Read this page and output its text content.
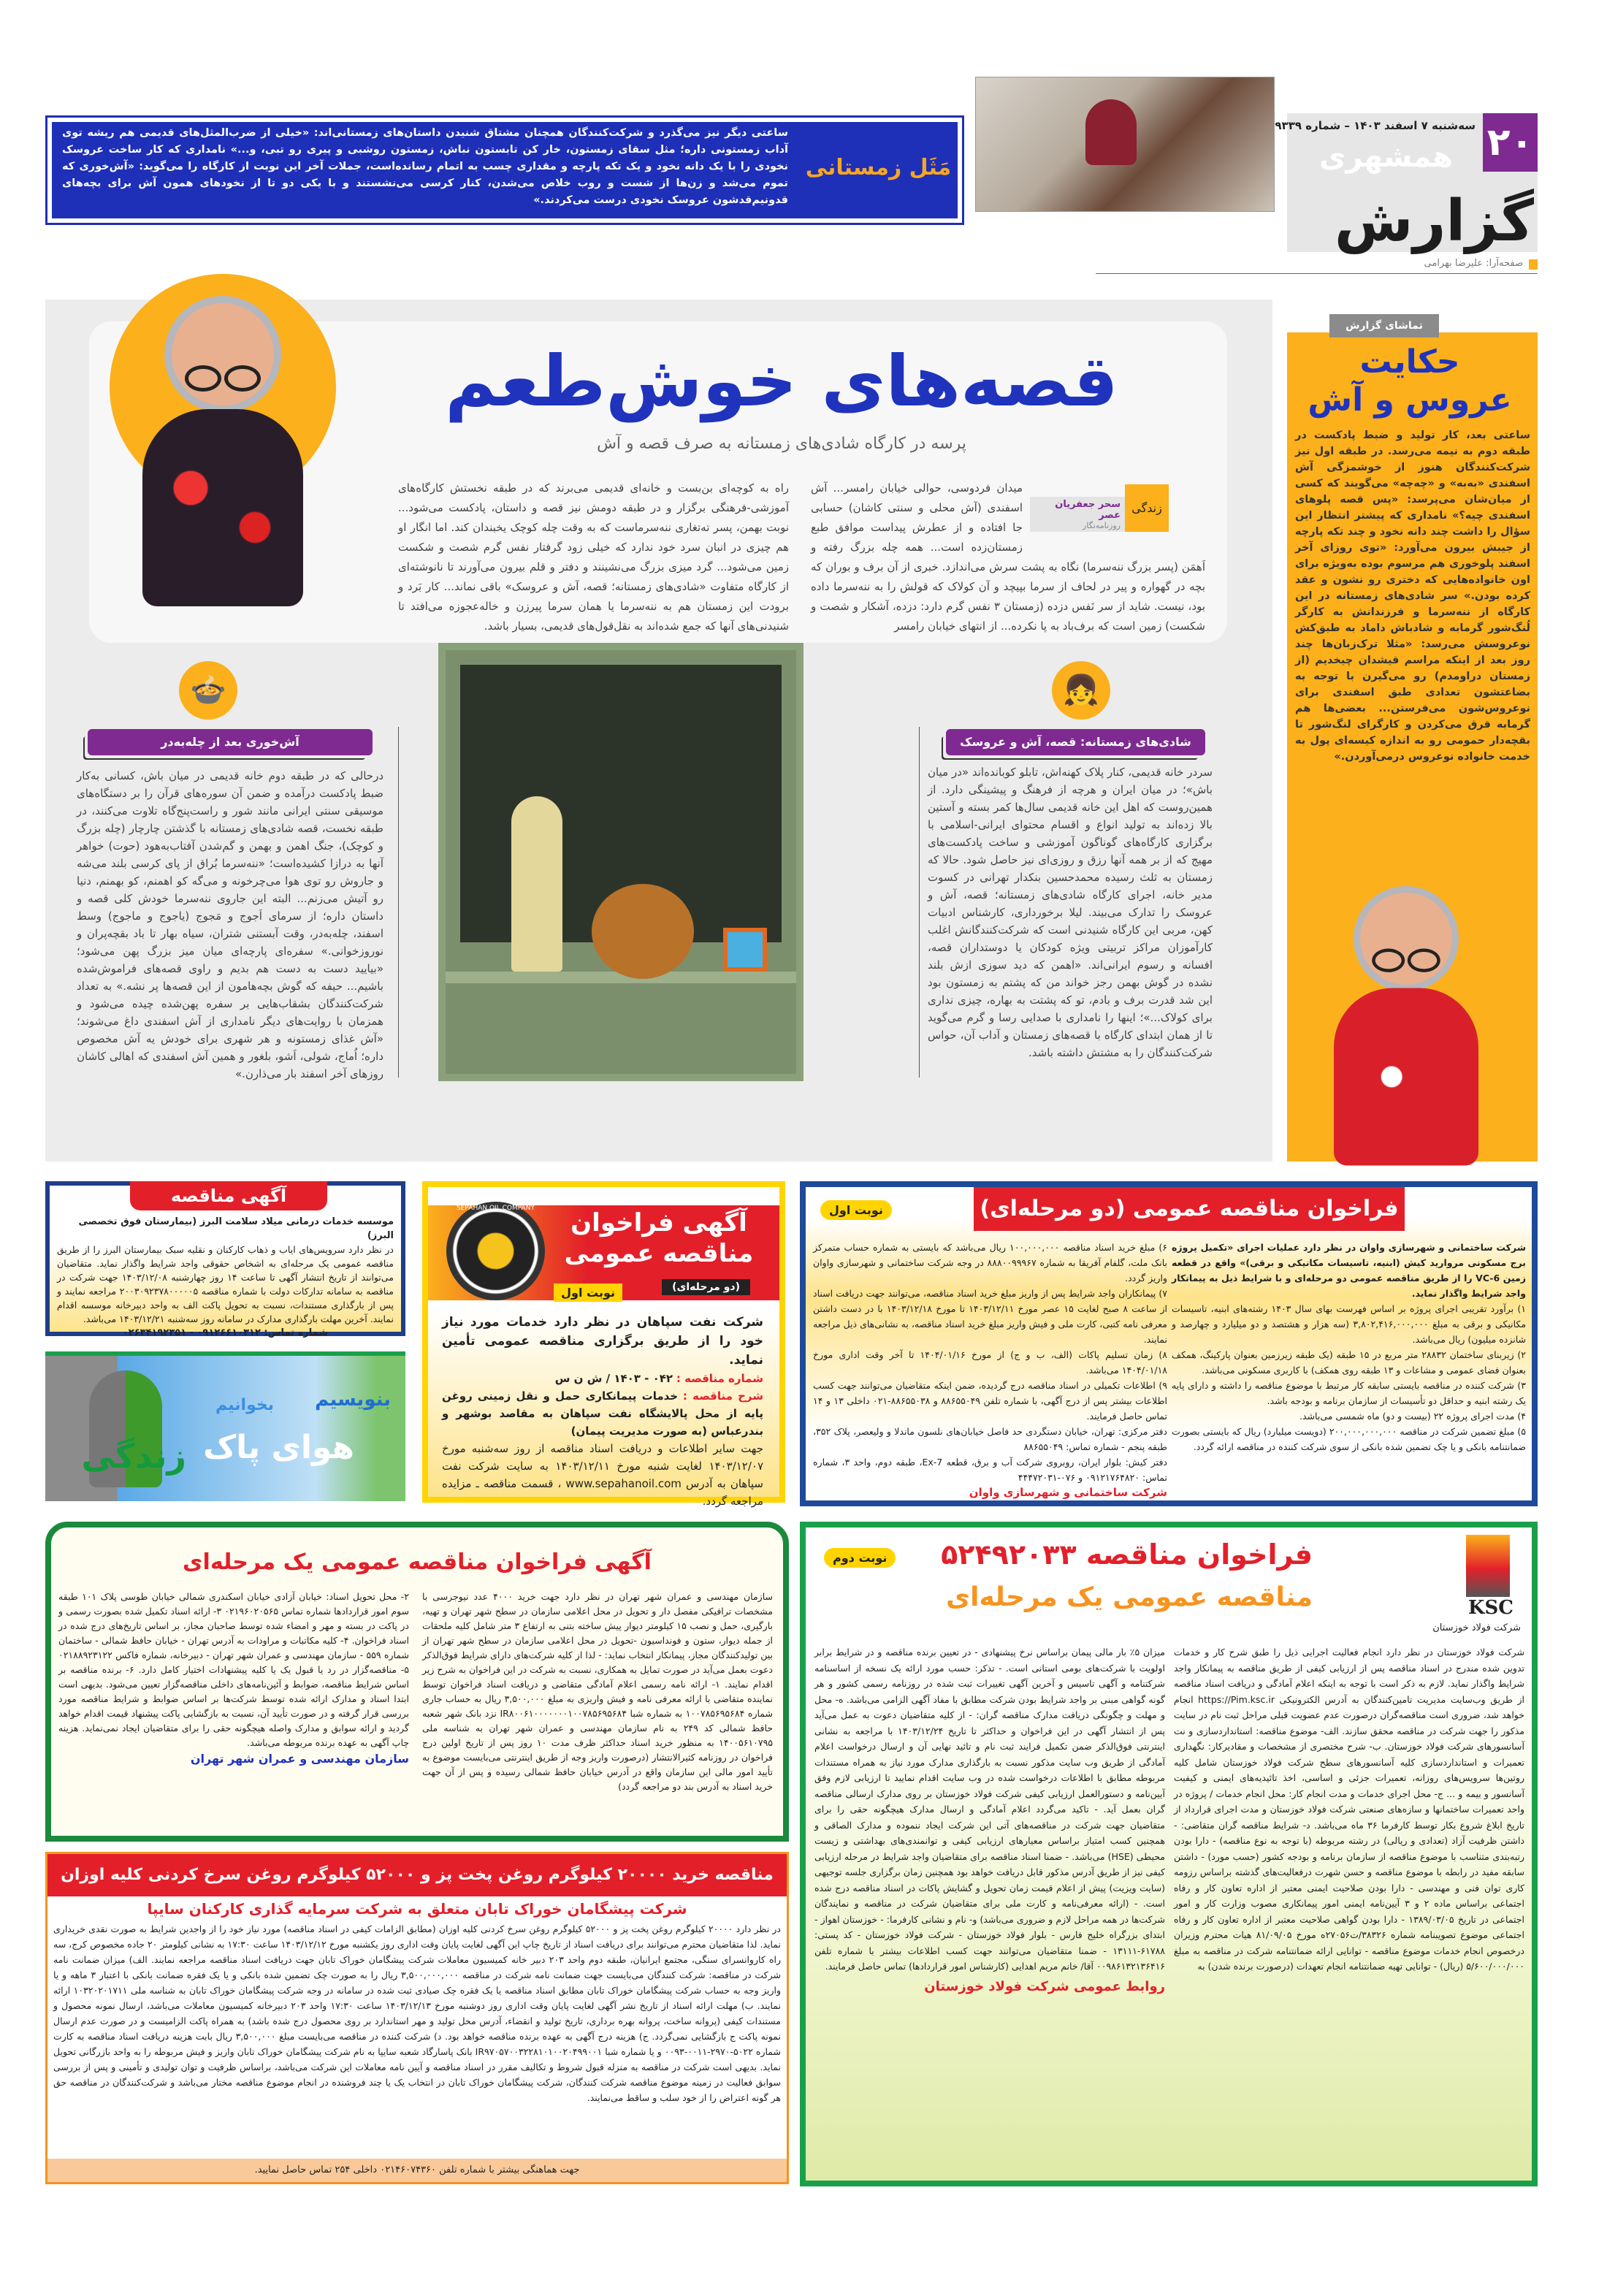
۲۰
سه‌شنبه ۷ اسفند ۱۴۰۳ – شماره ۹۳۳۹
همشهری
گزارش
صفحه‌آرا: علیرضا بهرامی
ساعتی دیگر نیز می‌گذرد و شرکت‌کنندگان همچنان مشتاق شنیدن داستان‌های زمستانی‌اند: «خیلی از ضرب‌المثل‌های قدیمی هم ریشه توی آداب زمستونی داره؛ مثل سقای زمستون، خار کن تابستون نباش، زمستون روشبی و پیری رو تبی، و...» نامداری که کار ساخت عروسک نخودی را با یک دانه نخود و یک تکه پارچه و مقداری چسب به اتمام رسانده‌است، جملات آخر این نوبت از کارگاه را می‌گوید: «آش‌خوری که تموم می‌شد و زن‌ها از شست و روب خلاص می‌شدن، کنار کرسی می‌نشستند و با یکی دو تا از نخودهای همون آش برای بچه‌های قدونیم‌قدشون عروسک نخودی درست می‌کردند.»
مَثَل زمستانی
قصه‌های خوش‌طعم
پرسه در کارگاه شادی‌های زمستانه به صرف قصه و آش
زندگی
سحر جعفریان عصر
روزنامه‌نگار
میدان فردوسی، حوالی خیابان رامسر... آش اسفندی (آش محلی و سنتی کاشان) حسابی جا افتاده و از عطرش پیداست موافق طبع زمستان‌زده است... همه چله بزرگ رفته و اَهمَن (پسر بزرگ ننه‌سرما) نگاه به پشت سرش می‌اندازد. خبری از آن برف و بوران که بچه در گهواره و پیر در لحاف از سرما بپیچد و آن کولاک که قولش را به ننه‌سرما داده بود، نیست. شاید از سر نَفس دزده (زمستان ۳ نفس گرم دارد: دزده، آشکار و شصت و شکست) زمین است که برف‌باد به پا نکرده... از انتهای خیابان رامسر

راه به کوچه‌ای بن‌بست و خانه‌ای قدیمی می‌برند که در طبقه نخستش کارگاه‌های آموزشی-فرهنگی برگزار و در طبقه دومش نیز قصه و داستان، پادکست می‌شود... نوبت بهمن، پسر ته‌تغاری ننه‌سرماست که به وقت چله کوچک یخبندان کند. اما انگار او هم چیزی در انبان سرد خود ندارد که خیلی زود گرفتار نفس گرم شصت و شکست زمین می‌شود... گرد میزی بزرگ می‌نشینند و دفتر و قلم بیرون می‌آورند تا نانوشته‌ای از کارگاه متفاوت «شادی‌های زمستانه؛ قصه، آش و عروسک» باقی نماند... کار بَرد و برودت این زمستان هم به ننه‌سرما یا همان سرما پیرزن و خاله‌عجوزه می‌افتد تا شنیدنی‌های آنها که جمع شده‌اند به نقل‌قول‌های قدیمی، بسیار باشد.

🍲	👧
آش‌خوری بعد از چله‌به‌در

درحالی که در طبقه دوم خانه قدیمی در میان باش، کسانی به‌کار ضبط پادکست درآمده و ضمن آن سوره‌های قرآن را بر دستگاه‌های موسیقی سنتی ایرانی مانند شور و راست‌پنج‌گاه تلاوت می‌کنند، در طبقه نخست، قصه شادی‌های زمستانه با گذشتن چارچار (چله بزرگ و کوچک)، جنگ اهمن و بهمن و گم‌شدن آفتاب‌به‌هود (حوت) خواهر آنها به درازا کشیده‌است؛ «ننه‌سرما بُراق از پای کرسی بلند می‌شه و جاروش رو توی هوا می‌چرخونه و می‌گه کو اهمنم، کو بهمنم، دنیا رو آتیش می‌زنم... البته این جاروی ننه‌سرما خودش کلی قصه و داستان داره؛ از سرمای اَجوج و مَجوج (یاجوج و ماجوج) وسط اسفند، چله‌به‌در، وقت آبستنی شتران، سیاه بهار تا باد بقچه‌پران و نوروزخوانی.» سفره‌ای پارچه‌ای میان میز بزرگ پهن می‌شود؛ «بیایید دست به دست هم بدیم و راوی قصه‌های فراموش‌شده باشیم... حیفه که گوش بچه‌هامون از این قصه‌ها پر نشه.» به تعداد شرکت‌کنندگان بشقاب‌هایی بر سفره پهن‌شده چیده می‌شود و همزمان با روایت‌های دیگر نامداری از آش اسفندی داغ می‌شوند؛ «آش غذای زمستونه و هر شهری برای خودش یه آش مخصوص داره؛ اُماج، شولی، اَشو، بلغور و همین آش اسفندی که اهالی کاشان روزهای آخر اسفند بار می‌ذارن.»

شادی‌های زمستانه: قصه، آش و عروسک

سردر خانه قدیمی، کنار پلاک کهنه‌اش، تابلو کوبانده‌اند «در میان باش»؛ در میان ایران و هرچه از فرهنگ و پیشینگی دارد. از همین‌روست که اهل این خانه قدیمی سال‌ها کمر بسته و آستین بالا زده‌اند به تولید انواع و اقسام محتوای ایرانی-اسلامی با برگزاری کارگاه‌های گوناگون آموزشی و ساخت پادکست‌های مهیج که از بر همه آنها رزق و روزی‌ای نیز حاصل شود. حالا که زمستان به ثلث رسیده محمدحسین بنکدار تهرانی در کسوت مدیر خانه، اجرای کارگاه شادی‌های زمستانه؛ قصه، آش و عروسک را تدارک می‌بیند. لیلا برخورداری، کارشناس ادبیات کهن، مربی این کارگاه شنیدنی است که شرکت‌کنندگانش اغلب کارآموزان مراکز تربیتی ویژه کودکان یا دوستداران قصه، افسانه و رسوم ایرانی‌اند. «اهمن که دید سوزی ازش بلند نشده در گوش بهمن رجز خواند من که پشتم به زمستون بود این شد قدرت برف و بادم، تو که پشتت به بهاره، چیزی نداری برای کولاک...»؛ اینها را نامداری با صدایی رسا و گرم می‌گوید تا از همان ابتدای کارگاه با قصه‌های زمستان و آداب آن، حواس شرکت‌کنندگان را به مشتش داشته باشد.

تماشای گزارش
حکایت
عروس و آش

ساعتی بعد، کار تولید و ضبط پادکست در طبقه دوم به نیمه می‌رسد. در طبقه اول نیز شرکت‌کنندگان هنوز از خوشمزگی آش اسفندی «به‌به» و «چه‌چه» می‌گویند که کسی از میان‌شان می‌پرسد: «پس قصه پلوهای اسفندی چیه؟» نامداری که پیشتر انتظار این سؤال را داشت چند دانه نخود و چند تکه پارچه از جیبش بیرون می‌آورد: «توی روزای آخر اسفند پلوخوری هم مرسوم بوده به‌ویژه برای اون خانواده‌هایی که دختری رو نشون و عقد کرده بودن.» سر شادی‌های زمستانه در این کارگاه از ننه‌سرما و فرزندانش به کارگر لُنگ‌شور گرمابه و شادباش داماد به طبق‌کش نوعروسش می‌رسد: «مثلا ترک‌زبان‌ها چند روز بعد از اینکه مراسم قیشدان چیخدیم (از زمستان دراومدم) رو می‌گیرن با توجه به بضاعتشون تعدادی طبق اسفندی برای نوعروس‌شون می‌فرستن... بعضی‌ها هم گرمابه قرق می‌کردن و کارگرای لنگ‌شور تا بقچه‌دار حمومی رو به اندازه کیسه‌ای پول به خدمت خانواده نوعروس درمی‌آوردن.»

آگهی مناقصه
موسسه خدمات درمانی میلاد سلامت البرز (بیمارستان فوق تخصصی البرز)
در نظر دارد سرویس‌های ایاب و ذهاب کارکنان و نقلیه سبک بیمارستان البرز را از طریق مناقصه عمومی یک مرحله‌ای به اشخاص حقوقی واجد شرایط واگذار نماید. متقاضیان می‌توانند از تاریخ انتشار آگهی تا ساعت ۱۴ روز چهارشنبه ۱۴۰۳/۱۲/۰۸ جهت شرکت در مناقصه به سامانه تدارکات دولت با شماره مناقصه ۲۰۰۳۰۹۲۳۷۸۰۰۰۰۰۵ مراجعه نمایند و پس از بارگذاری مستندات، نسبت به تحویل پاکت الف به واحد دبیرخانه موسسه اقدام نمایند. آخرین مهلت بارگذاری مدارک در سامانه روز سه‌شنبه ۱۴۰۳/۱۲/۲۱ می‌باشد.
شماره تماس: ۰۹۱۲۶۶۱۰۳۱۲ - ۰۲۶۳۴۱۹۲۳۵۱
بنویسیم
بخوانیم
هوای پاک
زندگی
SEPAHAN OIL COMPANY	آگهی فراخوان مناقصه عمومی
(دو مرحله‌ای)
نوبت اول
شرکت نفت سپاهان در نظر دارد خدمات مورد نیاز خود را از طریق برگزاری مناقصه عمومی تأمین نماید.
شماره مناقصه : ۰۴۲ - ۱۴۰۳ / ش ن س
شرح مناقصه : خدمات پیمانکاری حمل و نقل زمینی روغن پایه از محل پالایشگاه نفت سپاهان به مقاصد بوشهر و بندرعباس (به صورت مدیریت پیمان)
جهت سایر اطلاعات و دریافت اسناد مناقصه از روز سه‌شنبه مورخ ۱۴۰۳/۱۲/۰۷ لغایت شنبه مورخ ۱۴۰۳/۱۲/۱۱ به سایت شرکت نفت سپاهان به آدرس www.sepahanoil.com ، قسمت مناقصه ـ مزایده مراجعه گردد.
فراخوان مناقصه عمومی (دو مرحله‌ای)
نوبت اول

شرکت ساختمانی و شهرسازی واوان در نظر دارد عملیات اجرای «تکمیل پروژه برج مسکونی مروارید کیش (ابنیه، تاسیسات مکانیکی و برقی)» واقع در قطعه زمین VC-6 را از طریق مناقصه عمومی دو مرحله‌ای و با شرایط ذیل به پیمانکار واجد شرایط واگذار نماید.

۱) برآورد تقریبی اجرای پروژه بر اساس فهرست بهای سال ۱۴۰۳ رشته‌های ابنیه، تاسیسات مکانیکی و برقی به مبلغ ۳,۸۰۲,۴۱۶,۰۰۰,۰۰۰ (سه هزار و هشتصد و دو میلیارد و چهارصد و شانزده میلیون) ریال می‌باشد.

۲) زیربنای ساختمان ۲۸۸۳۲ متر مربع در ۱۵ طبقه (یک طبقه زیرزمین بعنوان پارکینگ، همکف بعنوان فضای عمومی و مشاعات و ۱۳ طبقه روی همکف) با کاربری مسکونی می‌باشد.

۳) شرکت کننده در مناقصه بایستی سابقه کار مرتبط با موضوع مناقصه را داشته و دارای پایه یک رشته ابنیه و حداقل دو تأسیسات از سازمان برنامه و بودجه باشد.

۴) مدت اجرای پروژه ۲۲ (بیست و دو) ماه شمسی می‌باشد.

۵) مبلغ تضمین شرکت در مناقصه ۲۰۰,۰۰۰,۰۰۰,۰۰۰ (دویست میلیارد) ریال که بایستی بصورت ضمانتنامه بانکی و یا چک تضمین شده بانکی از سوی شرکت کننده در مناقصه ارائه گردد.

۶) مبلغ خرید اسناد مناقصه ۱۰۰,۰۰۰,۰۰۰ ریال می‌باشد که بایستی به شماره حساب متمرکز بانک ملت، گلفام آفریقا به شماره ۸۸۸۰۰۹۹۹۶۷ در وجه شرکت ساختمانی و شهرسازی واوان واریز گردد.

۷) پیمانکاران واجد شرایط پس از واریز مبلغ خرید اسناد مناقصه، می‌توانند جهت دریافت اسناد از ساعت ۸ صبح لغایت ۱۵ عصر مورخ ۱۴۰۳/۱۲/۱۱ تا مورخ ۱۴۰۳/۱۲/۱۸ با در دست داشتن معرفی نامه کتبی، کارت ملی و فیش واریز مبلغ خرید اسناد مناقصه، به نشانی‌های ذیل مراجعه نمایند.

۸) زمان تسلیم پاکات (الف، ب و ج) از مورخ ۱۴۰۴/۰۱/۱۶ تا آخر وقت اداری مورخ ۱۴۰۴/۰۱/۱۸ می‌باشد.

۹) اطلاعات تکمیلی در اسناد مناقصه درج گردیده، ضمن اینکه متقاضیان می‌توانند جهت کسب اطلاعات بیشتر پس از درج آگهی، با شماره تلفن ۸۸۶۵۵۰۴۹ و ۸۸۶۵۵۰۳۸-۰۲۱ داخلی ۱۳ و ۱۴ تماس حاصل فرمایند.

دفتر مرکزی: تهران، خیابان دستگردی حد فاصل خیابان‌های نلسون ماندلا و ولیعصر، پلاک ۳۵۲، طبقه پنجم - شماره تماس: ۸۸۶۵۵۰۴۹

دفتر کیش: بلوار ایران، روبروی شرکت آب و برق، قطعه Ex-7، طبقه دوم، واحد ۳، شماره تماس: ۰۹۱۲۱۷۶۴۸۲۰ و ۰۷۶-۴۴۴۷۲۰۳۱

شرکت ساختمانی و شهرسازی واوان

آگهی فراخوان مناقصه عمومی یک مرحله‌ای

سازمان مهندسی و عمران شهر تهران در نظر دارد جهت خرید ۴۰۰۰ عدد نیوجرسی با مشخصات ترافیکی مفصل دار و تحویل در محل اعلامی سازمان در سطح شهر تهران و تهیه، بارگیری، حمل و نصب ۱۵ کیلومتر دیوار پیش ساخته بتنی به ارتفاع ۳ متر شامل کلیه ملحقات از جمله دیوار، ستون و فونداسیون -تحویل در محل اعلامی سازمان در سطح شهر تهران از بین تولیدکنندگان مجاز، پیمانکار انتخاب نماید: - لذا از کلیه شرکت‌های دارای شرایط فوق‌الذکر دعوت بعمل می‌آید در صورت تمایل به همکاری، نسبت به شرکت در این فراخوان به شرح زیر اقدام نمایند. ۱- ارائه نامه رسمی اعلام آمادگی متقاضی و دریافت اسناد فراخوان توسط نماینده متقاضی با ارائه معرفی نامه و فیش واریزی به مبلغ ۳,۵۰۰,۰۰۰ ریال به حساب جاری شماره ۱۰۰۷۸۵۶۹۵۶۸۴ به شماره شبا IR۸۰۰۶۱۰۰۰۰۰۰۰۱۰۰۷۸۵۶۹۵۶۸۴ نزد بانک شهر شعبه حافظ شمالی کد ۲۴۹ به نام سازمان مهندسی و عمران شهر تهران به شناسه ملی ۱۴۰۰۵۶۱۰۷۹۵ به منظور خرید اسناد حداکثر ظرف مدت ۱۰ روز پس از تاریخ اولین درج فراخوان در روزنامه کثیرالانتشار (درصورت واریز وجه از طریق اینترنتی می‌بایست موضوع به تأیید امور مالی این سازمان واقع در آدرس خیابان حافظ شمالی رسیده و پس از آن جهت خرید اسناد به آدرس بند دو مراجعه گردد)

۲- محل تحویل اسناد: خیابان آزادی خیابان اسکندری شمالی خیابان طوسی پلاک ۱۰۱ طبقه سوم امور قراردادها شماره تماس ۰۲۱۹۶۰۲۰۵۶۵ ۳- ارائه اسناد تکمیل شده بصورت رسمی و در پاکت در بسته و مهر و امضاء شده توسط صاحبان مجاز، بر اساس تاریخ‌های درج شده در اسناد فراخوان. ۴- کلیه مکاتبات و مراودات به آدرس تهران - خیابان حافظ شمالی - ساختمان شماره ۵۵۹ - سازمان مهندسی و عمران شهر تهران - دبیرخانه، شماره فاکس ۰۲۱۸۸۹۲۳۱۲۲ ۵- مناقصه‌گزار در رد یا قبول یک یا کلیه پیشنهادات اختیار کامل دارد. ۶- برنده مناقصه بر اساس شرایط مناقصه، ضوابط و آئین‌نامه‌های داخلی مناقصه‌گزار تعیین می‌شود. بدیهی است ابتدا اسناد و مدارک ارائه شده توسط شرکت‌ها بر اساس ضوابط و شرایط مناقصه مورد بررسی قرار گرفته و در صورت تأیید آن، نسبت به بازگشایی پاکت پیشنهاد قیمت اقدام خواهد گردید و ارائه سوابق و مدارک واصله هیچگونه حقی را برای متقاضیان ایجاد نمی‌نماید. هزینه چاپ آگهی به عهده برنده مربوطه می‌باشد.

سازمان مهندسی و عمران شهر تهران

KSC
شرکت فولاد خوزستان
فراخوان مناقصه ۵۲۴۹۲۰۳۳
مناقصه عمومی یک مرحله‌ای
نوبت دوم

شرکت فولاد خوزستان در نظر دارد انجام فعالیت اجرایی ذیل را طبق شرح کار و خدمات تدوین شده مندرج در اسناد مناقصه پس از ارزیابی کیفی از طریق مناقصه به پیمانکار واجد شرایط واگذار نماید. لازم به ذکر است با توجه به اینکه اعلام آمادگی و دریافت اسناد مناقصه از طریق وب‌سایت مدیریت تامین‌کنندگان به آدرس الکترونیکی https://Pim.ksc.ir انجام خواهد شد، ضروری است مناقصه‌گران درصورت عدم عضویت قبلی مراحل ثبت نام در سایت مذکور را جهت شرکت در مناقصه محقق سازند. الف- موضوع مناقصه: استانداردسازی و نت آسانسورهای شرکت فولاد خوزستان. ب- شرح مختصری از مشخصات و مقادیرکار: نگهداری تعمیرات و استانداردسازی کلیه آسانسورهای سطح شرکت فولاد خوزستان شامل کلیه روتین‌ها سرویس‌های روزانه، تعمیرات جزئی و اساسی، اخذ تائیدیه‌های ایمنی و کیفیت آسانسور و بیمه و ... ج- محل اجرای خدمات و مدت انجام کار: محل انجام خدمات / پروژه در واحد تعمیرات ساختمانها و سازه‌های صنعتی شرکت فولاد خوزستان و مدت اجرای قرارداد از تاریخ ابلاغ شروع بکار توسط کارفرما ۳۶ ماه می‌باشد. د- شرایط مناقصه گران متقاضی: - داشتن ظرفیت آزاد (تعدادی و ریالی) در رشته مربوطه (با توجه به نوع مناقصه) - دارا بودن رتبه‌بندی متناسب با موضوع مناقصه از سازمان برنامه و بودجه کشور (حسب مورد) - داشتن سابقه مفید در رابطه با موضوع مناقصه و حسن شهرت درفعالیت‌های گذشته براساس رزومه کاری توان فنی و مهندسی - دارا بودن صلاحیت ایمنی معتبر از اداره تعاون کار و رفاه اجتماعی براساس ماده ۲ و ۳ آیین‌نامه ایمنی امور پیمانکاری مصوب وزارت کار و امور اجتماعی در تاریخ ۱۳۸۹/۰۳/۰۵ - دارا بودن گواهی صلاحیت معتبر از اداره تعاون کار و رفاه اجتماعی موضوع تصویبنامه شماره ۳۸۳۲۶/ت۲۷۰۵۶ه مورخ ۸۱/۰۹/۰۵ هیات محترم وزیران درخصوص انجام خدمات موضوع مناقصه - توانایی ارائه ضمانتنامه شرکت در مناقصه به مبلغ ۵/۶۰۰/۰۰۰/۰۰۰ (ریال) - توانایی تهیه ضمانتنامه انجام تعهدات (درصورت برنده شدن) به

میزان ۵٪ بار مالی پیمان براساس نرخ پیشنهادی - در تعیین برنده مناقصه و در شرایط برابر اولویت با شرکت‌های بومی استانی است. - تذکر: حسب مورد ارائه یک نسخه از اساسنامه شرکتنامه و آگهی تاسیس و آخرین آگهی تغییرات ثبت شده در روزنامه رسمی کشور و هر گونه گواهی مبنی بر واجد شرایط بودن شرکت مطابق با مفاد آگهی الزامی می‌باشد. ه- محل و مهلت و چگونگی دریافت مدارک مناقصه گران: - از کلیه متقاضیان دعوت به عمل می‌آید پس از انتشار آگهی در این فراخوان و حداکثر تا تاریخ ۱۴۰۳/۱۲/۲۴ با مراجعه به نشانی اینترنتی فوق‌الذکر ضمن تکمیل فرایند ثبت نام و تائید نهایی آن و ارسال درخواست اعلام آمادگی از طریق وب سایت مذکور نسبت به بارگذاری مدارک مورد نیاز به همراه مستندات مربوطه مطابق با اطلاعات درخواست شده در وب سایت اقدام نمایید تا ارزیابی لازم وفق آیین‌نامه و دستورالعمل ارزیابی کیفی شرکت فولاد خوزستان بر روی مدارک ارسالی مناقصه گران بعمل آید. - تاکید می‌گردد اعلام آمادگی و ارسال مدارک هیچگونه حقی را برای متقاضیان جهت شرکت در مناقصه‌های آتی این شرکت ایجاد ننموده و مدارک الصاقی و همچنین کسب امتیاز براساس معیارهای ارزیابی کیفی و توانمندی‌های بهداشتی و زیست محیطی (HSE) می‌باشد. - ضمنا اسناد مناقصه برای متقاضیان واجد شرایط در مرحله ارزیابی کیفی نیز از طریق آدرس مذکور قابل دریافت خواهد بود همچنین زمان برگزاری جلسه توجیهی (سایت ویزیت) پیش از اعلام قیمت زمان تحویل و گشایش پاکات در اسناد مناقصه درج شده است. - (ارائه معرفی‌نامه و کارت ملی برای متقاضیان شرکت در مناقصه و نمایندگان شرکت‌ها در همه مراحل لازم و ضروری می‌باشد) و- نام و نشانی کارفرما: - خوزستان اهواز - ابتدای بزرگراه خلیج فارس - بلوار فولاد خوزستان - شرکت فولاد خوزستان - کد پستی: ۶۱۷۸۸-۱۳۱۱۱ - ضمنا متقاضیان می‌توانند جهت کسب اطلاعات بیشتر با شماره تلفن ۰۰۹۸۶۱۳۲۱۳۶۴۱۶ آقا/ خانم مریم اهدایی (کارشناس امور قراردادها) تماس حاصل فرمایند.

روابط عمومی شرکت فولاد خوزستان

مناقصه خرید ۲۰۰۰۰ کیلوگرم روغن پخت پز و ۵۲۰۰۰ کیلوگرم روغن سرخ کردنی کلیه اوزان
شرکت پیشگامان خوراک تابان متعلق به شرکت سرمایه گذاری کارکنان سایپا

در نظر دارد ۲۰۰۰۰ کیلوگرم روغن پخت پز و ۵۲۰۰۰ کیلوگرم روغن سرخ کردنی کلیه اوزان (مطابق الزامات کیفی در اسناد مناقصه) مورد نیاز خود را از واجدین شرایط به صورت نقدی خریداری نماید. لذا متقاضیان محترم می‌توانند برای دریافت اسناد از تاریخ چاپ این آگهی لغایت پایان وقت اداری روز یکشنبه مورخ ۱۴۰۳/۱۲/۱۲ ساعت ۱۷:۳۰ به نشانی کیلومتر ۲۰ جاده مخصوص کرج، سه راه کاروانسرای سنگی، مجتمع ایرانیان، طبقه دوم واحد ۲۰۳ دبیر خانه کمیسیون معاملات شرکت پیشگامان خوراک تابان جهت دریافت اسناد مناقصه مراجعه نمایند. الف) میزان ضمانت نامه شرکت در مناقصه: شرکت کنندگان می‌بایست جهت ضمانت نامه شرکت در مناقصه ۳,۵۰۰,۰۰۰,۰۰۰ ریال را به صورت چک تضمین شده بانکی و یا یک فقره ضمانت بانکی با اعتبار ۳ ماهه و یا واریز وجه به حساب شرکت پیشگامان خوراک تابان مطابق اسناد مناقصه یا یک فقره چک صیادی ثبت شده در سامانه در وجه شرکت پیشگامان خوراک تابان به شناسه ملی ۱۰۳۲۰۲۰۱۷۱۱ ارائه نمایند. ب) مهلت ارائه اسناد از تاریخ نشر آگهی لغایت پایان وقت اداری روز دوشنبه مورخ ۱۴۰۳/۱۲/۱۳ ساعت ۱۷:۳۰ واحد ۲۰۳ دبیرخانه کمیسیون معاملات می‌باشد، ارسال نمونه محصول و مستندات کیفی (پروانه ساخت، پروانه بهره برداری، تاریخ تولید و انقضاء، آدرس محل تولید و مهر استاندارد بر روی محصول درج شده باشد) به همراه پاکت الزامیست و در صورت عدم ارسال نمونه پاکت ج بازگشایی نمی‌گردد. ج) هزینه درج آگهی به عهده برنده مناقصه خواهد بود. د) شرکت کننده در مناقصه می‌بایست مبلغ ۳,۵۰۰,۰۰۰ ریال بابت هزینه دریافت اسناد مناقصه به کارت شماره ۵۰۲۲-۲۹۷۰-۰۰۱۱-۰۰۹۳ و یا شماره شبا IR۹۷۰۵۷۰۰۳۲۲۸۱۰۱۰۰۲۰۴۹۹۰۰۱ بانک پاسارگاد شعبه سایپا به نام شرکت پیشگامان خوراک تابان واریز و فیش مربوطه را به واحد بازرگانی تحویل نماید. بدیهی است شرکت در مناقصه به منزله قبول شروط و تکالیف مقرر در اسناد مناقصه و آیین نامه معاملات این شرکت می‌باشد، براساس ظرفیت و توان تولیدی و تأمینی و پس از بررسی سوابق فعالیت در زمینه موضوع مناقصه شرکت کنندگان، شرکت پیشگامان خوراک تابان در انتخاب یک یا چند فروشنده در انجام موضوع مناقصه مختار می‌باشد و شرکت‌کنندگان در مناقصه حق هر گونه اعتراض را از خود سلب و ساقط می‌نمایند.

جهت هماهنگی بیشتر با شماره تلفن ۰۲۱۴۶۰۷۴۳۶۰ داخلی ۲۵۴ تماس حاصل نمایید.
